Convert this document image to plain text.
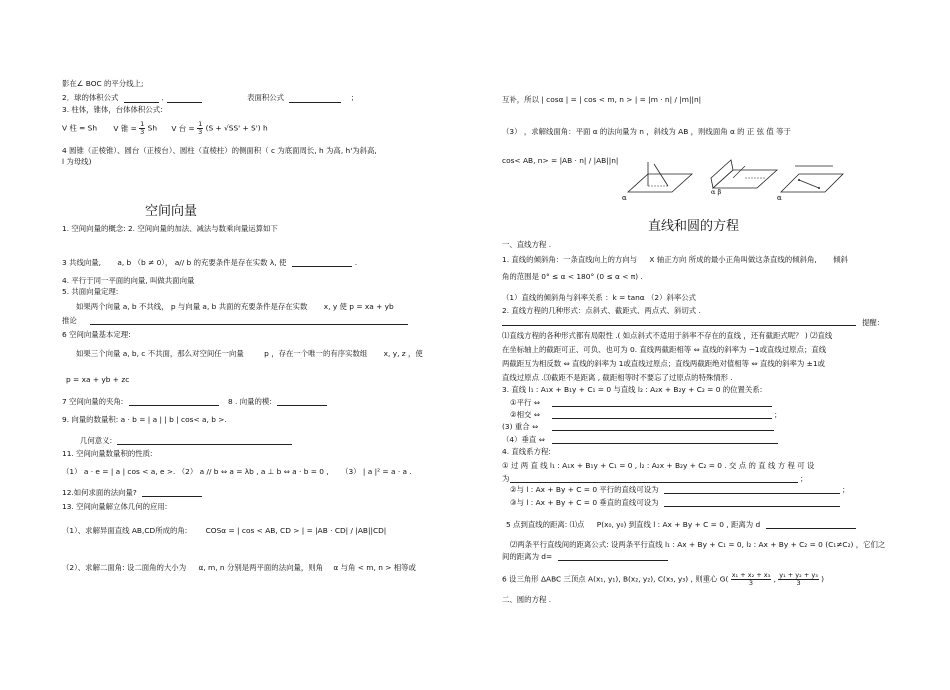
影在∠ BOC 的平分线上;
2．球的体积公式	,	表面积公式	；
3. 柱体，锥体，台体体积公式:
V 柱 = Sh V 锥 = $\frac{1}{3}$ Sh V 台 = $\frac{1}{3} (S + √SS' + S')$ h
4 圆锥（正棱锥）、圆台（正棱台）、圆柱（直棱柱）的侧面积（ c 为底面周长, h 为高, h'为斜高,
l 为母线)
空间向量
1. 空间向量的概念: 2. 空间向量的加法、减法与数乘向量运算如下
3 共线向量, a, b （b ≠ 0）， a// b 的充要条件是存在实数 λ, 使	.
4. 平行于同一平面的向量, 叫做共面向量
5. 共面向量定理:
如果两个向量 a, b 不共线， p 与向量 a, b 共面的充要条件是存在实数 x, y 使 p = xa + yb
推论
6 空间向量基本定理:
如果三个向量 a, b, c 不共面，那么对空间任一向量	p ，存在一个唯一的有序实数组 x, y, z ，使
p = xa + yb + zc
7 空间向量的夹角:	8 . 向量的模:
9. 向量的数量积: a · b = | a | | b | cos< a, b >.
几何意义:
11. 空间向量数量积的性质:
（1） a · e = | a | cos < a, e >. （2） a // b ⇔ a = λb , a ⊥ b ⇔ a · b = 0 , （3） | a |² = a · a .
12.如何求面的法向量?
13. 空间向量解立体几何的应用:
（1）、求解异面直线 AB,CD所成的角: COSα = | cos < AB, CD > | = |AB · CD| / |AB||CD|
（2）、求解二面角: 设二面角的大小为 α, m, n 分别是两平面的法向量，则角 α 与角 < m, n > 相等或
互补，所以 | cosα | = | cos < m, n > | = |m · n| / |m||n|
（3） ，求解线面角：平面 α 的法向量为 n ，斜线为 AB ，则线面角 α 的 正 弦 值 等于
cos< AB, n> = |AB · n| / |AB||n|
α
α β
α
直线和圆的方程
一、直线方程 .
1. 直线的倾斜角：一条直线向上的方向与 X 轴正方向 所成的最小正角叫做这条直线的倾斜角, 倾斜
角的范围是 0° ≤ α < 180° (0 ≤ α < π) .
（1）直线的倾斜角与斜率关系 ：k = tanα （2）斜率公式
2. 直线方程的几种形式：点斜式、截距式、两点式、斜切式 .
提醒：
⑴直线方程的各种形式都有局限性 .( 如点斜式不适用于斜率不存在的直线 ，还有截距式呢？ ) ⑵直线
在坐标轴上的截距可正、可负、也可为 0. 直线两截距相等 ⇔ 直线的斜率为 −1或直线过原点；直线
两截距互为相反数 ⇔ 直线的斜率为 1或直线过原点；直线两截距绝对值相等 ⇔ 直线的斜率为 ±1或
直线过原点 .⑶截距不是距离 , 截距相等时不要忘了过原点的特殊情形 .
3. 直线 l₁ : A₁x + B₁y + C₁ = 0 与直线 l₂ : A₂x + B₂y + C₂ = 0 的位置关系:
①平行 ⇔
②相交 ⇔	；
(3) 重合 ⇔
（4）垂直 ⇔
4. 直线系方程:
① 过 两 直 线 l₁ : A₁x + B₁y + C₁ = 0 , l₂ : A₂x + B₂y + C₂ = 0 . 交 点 的 直 线 方 程 可 设
为	；
②与 l : Ax + By + C = 0 平行的直线可设为	；
③与 l : Ax + By + C = 0 垂直的直线可设为
5 点到直线的距离: ⑴点 P(x₀, y₀) 到直线 l : Ax + By + C = 0 , 距离为 d
⑵两条平行直线间的距离公式: 设两条平行直线 l₁ : Ax + By + C₁ = 0, l₂ : Ax + By + C₂ = 0 (C₁≠C₂) ，它们之
间的距离为 d=
6 设三角形 ΔABC 三顶点 A(x₁, y₁), B(x₂, y₂), C(x₃, y₃) , 则重心 $G( \frac{\text{x₁ + x₂ + x₃}}{3}$ , $\frac{\text{y₁ + y₂ + y₃}}{3}$ )
二、圆的方程 .
